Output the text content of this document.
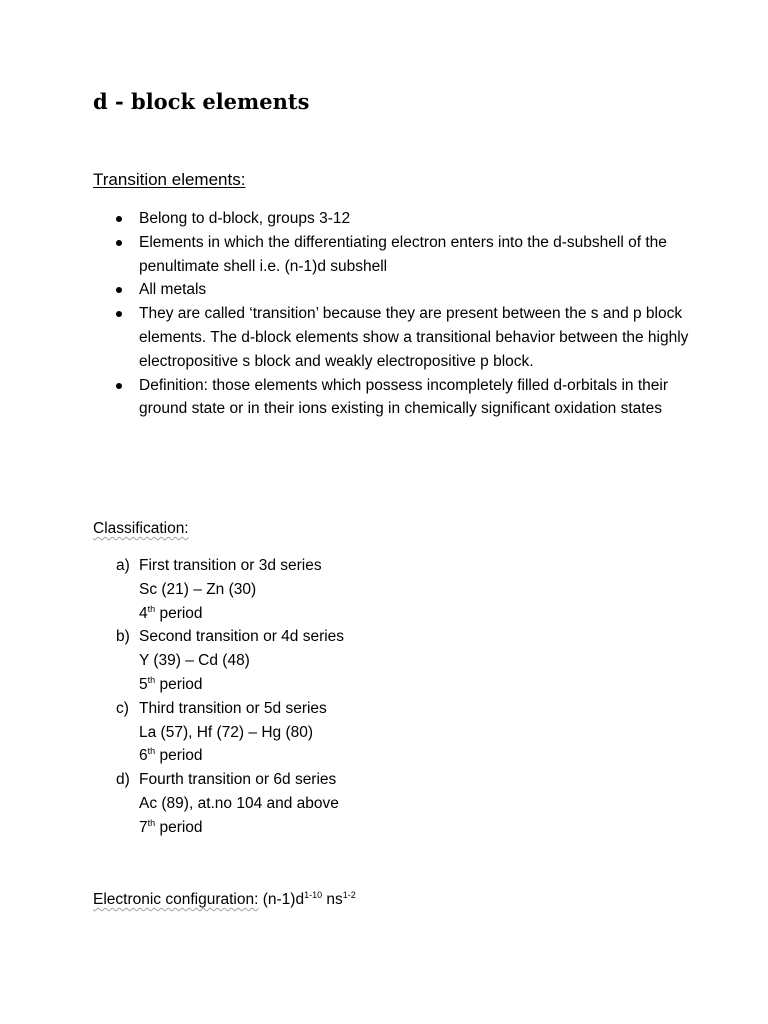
d - block elements
Transition elements:
Belong to d-block, groups 3-12
Elements in which the differentiating electron enters into the d-subshell of the penultimate shell i.e. (n-1)d subshell
All metals
They are called ‘transition’ because they are present between the s and p block elements. The d-block elements show a transitional behavior between the highly electropositive s block and weakly electropositive p block.
Definition: those elements which possess incompletely filled d-orbitals in their ground state or in their ions existing in chemically significant oxidation states
Classification:
a) First transition or 3d series
Sc (21) – Zn (30)
4th period
b) Second transition or 4d series
Y (39) – Cd (48)
5th period
c) Third transition or 5d series
La (57), Hf (72) – Hg (80)
6th period
d) Fourth transition or 6d series
Ac (89), at.no 104 and above
7th period
Electronic configuration: $(n-1)d^{1-10}$ $ns^{1-2}$
